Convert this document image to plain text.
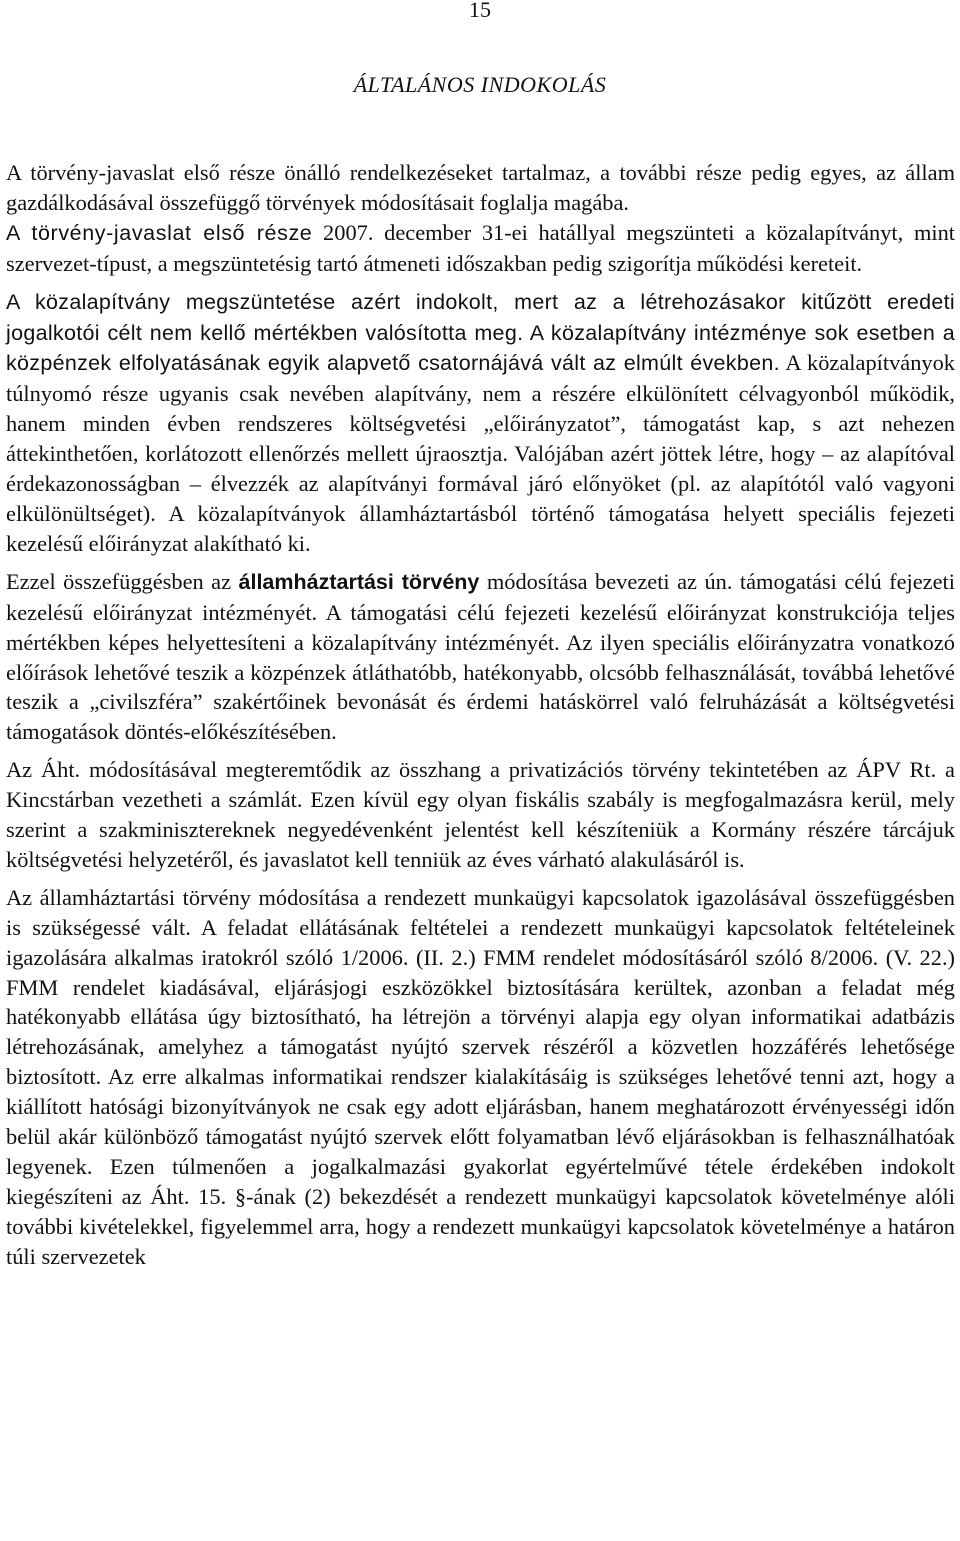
15
ÁLTALÁNOS INDOKOLÁS

A törvény-javaslat első része önálló rendelkezéseket tartalmaz, a további része pedig egyes, az állam gazdálkodásával összefüggő törvények módosításait foglalja magába.
A törvény-javaslat első része 2007. december 31-ei hatállyal megszünteti a közalapítványt, mint szervezet-típust, a megszüntetésig tartó átmeneti időszakban pedig szigorítja működési kereteit.

A közalapítvány megszüntetése azért indokolt, mert az a létrehozásakor kitűzött eredeti jogalkotói célt nem kellő mértékben valósította meg. A közalapítvány intézménye sok esetben a közpénzek elfolyatásának egyik alapvető csatornájává vált az elmúlt években. A közalapítványok túlnyomó része ugyanis csak nevében alapítvány, nem a részére elkülönített célvagyonból működik, hanem minden évben rendszeres költségvetési „előirányzatot”, támogatást kap, s azt nehezen áttekinthetően, korlátozott ellenőrzés mellett újraosztja. Valójában azért jöttek létre, hogy – az alapítóval érdekazonosságban – élvezzék az alapítványi formával járó előnyöket (pl. az alapítótól való vagyoni elkülönültséget). A közalapítványok államháztartásból történő támogatása helyett speciális fejezeti kezelésű előirányzat alakítható ki.

Ezzel összefüggésben az államháztartási törvény módosítása bevezeti az ún. támogatási célú fejezeti kezelésű előirányzat intézményét. A támogatási célú fejezeti kezelésű előirányzat konstrukciója teljes mértékben képes helyettesíteni a közalapítvány intézményét. Az ilyen speciális előirányzatra vonatkozó előírások lehetővé teszik a közpénzek átláthatóbb, hatékonyabb, olcsóbb felhasználását, továbbá lehetővé teszik a „civilszféra” szakértőinek bevonását és érdemi hatáskörrel való felruházását a költségvetési támogatások döntés-előkészítésében.

Az Áht. módosításával megteremtődik az összhang a privatizációs törvény tekintetében az ÁPV Rt. a Kincstárban vezetheti a számlát. Ezen kívül egy olyan fiskális szabály is megfogalmazásra kerül, mely szerint a szakminisztereknek negyedévenként jelentést kell készíteniük a Kormány részére tárcájuk költségvetési helyzetéről, és javaslatot kell tenniük az éves várható alakulásáról is.

Az államháztartási törvény módosítása a rendezett munkaügyi kapcsolatok igazolásával összefüggésben is szükségessé vált. A feladat ellátásának feltételei a rendezett munkaügyi kapcsolatok feltételeinek igazolására alkalmas iratokról szóló 1/2006. (II. 2.) FMM rendelet módosításáról szóló 8/2006. (V. 22.) FMM rendelet kiadásával, eljárásjogi eszközökkel biztosítására kerültek, azonban a feladat még hatékonyabb ellátása úgy biztosítható, ha létrejön a törvényi alapja egy olyan informatikai adatbázis létrehozásának, amelyhez a támogatást nyújtó szervek részéről a közvetlen hozzáférés lehetősége biztosított. Az erre alkalmas informatikai rendszer kialakításáig is szükséges lehetővé tenni azt, hogy a kiállított hatósági bizonyítványok ne csak egy adott eljárásban, hanem meghatározott érvényességi időn belül akár különböző támogatást nyújtó szervek előtt folyamatban lévő eljárásokban is felhasználhatóak legyenek. Ezen túlmenően a jogalkalmazási gyakorlat egyértelművé tétele érdekében indokolt kiegészíteni az Áht. 15. §-ának (2) bekezdését a rendezett munkaügyi kapcsolatok követelménye alóli további kivételekkel, figyelemmel arra, hogy a rendezett munkaügyi kapcsolatok követelménye a határon túli szervezetek
